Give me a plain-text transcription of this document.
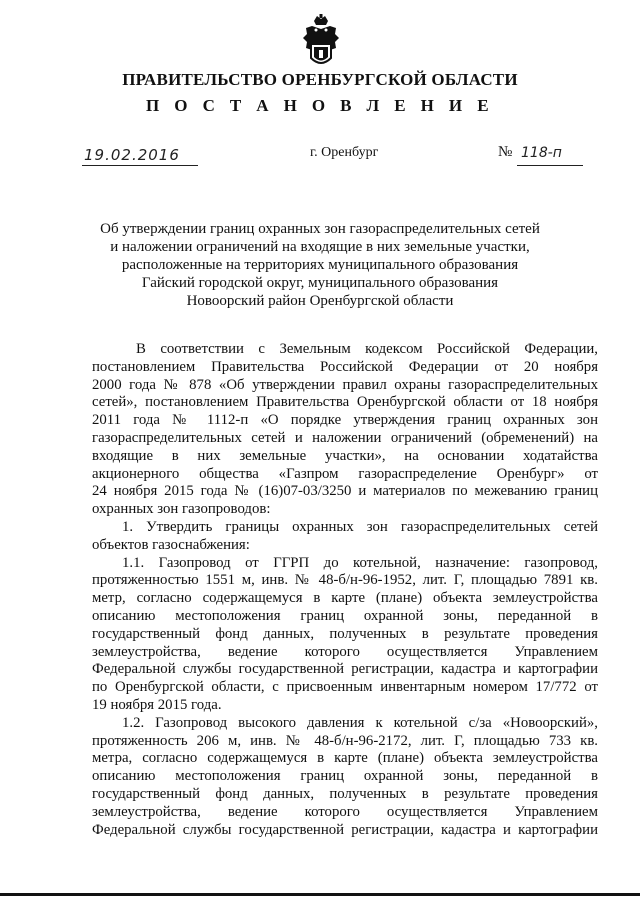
ПРАВИТЕЛЬСТВО ОРЕНБУРГСКОЙ ОБЛАСТИ
П О С Т А Н О В Л Е Н И Е
19.02.2016	г. Оренбург	№ 118-п
Об утверждении границ охранных зон газораспределительных сетей
и наложении ограничений на входящие в них земельные участки,
расположенные на территориях муниципального образования
Гайский городской округ, муниципального образования
Новоорский район Оренбургской области
В соответствии с Земельным кодексом Российской Федерации,
постановлением Правительства Российской Федерации от 20 ноября
2000 года № 878 «Об утверждении правил охраны газораспределительных
сетей», постановлением Правительства Оренбургской области от 18 ноября
2011 года № 1112-п «О порядке утверждения границ охранных зон
газораспределительных сетей и наложении ограничений (обременений) на
входящие в них земельные участки», на основании ходатайства
акционерного общества «Газпром газораспределение Оренбург» от
24 ноября 2015 года № (16)07-03/3250 и материалов по межеванию границ
охранных зон газопроводов:
1. Утвердить границы охранных зон газораспределительных сетей
объектов газоснабжения:
1.1. Газопровод от ГГРП до котельной, назначение: газопровод,
протяженностью 1551 м, инв. № 48-б/н-96-1952, лит. Г, площадью 7891 кв.
метр, согласно содержащемуся в карте (плане) объекта землеустройства
описанию местоположения границ охранной зоны, переданной в
государственный фонд данных, полученных в результате проведения
землеустройства, ведение которого осуществляется Управлением
Федеральной службы государственной регистрации, кадастра и картографии
по Оренбургской области, с присвоенным инвентарным номером 17/772 от
19 ноября 2015 года.
1.2. Газопровод высокого давления к котельной с/за «Новоорский»,
протяженность 206 м, инв. № 48-б/н-96-2172, лит. Г, площадью 733 кв.
метра, согласно содержащемуся в карте (плане) объекта землеустройства
описанию местоположения границ охранной зоны, переданной в
государственный фонд данных, полученных в результате проведения
землеустройства, ведение которого осуществляется Управлением
Федеральной службы государственной регистрации, кадастра и картографии
